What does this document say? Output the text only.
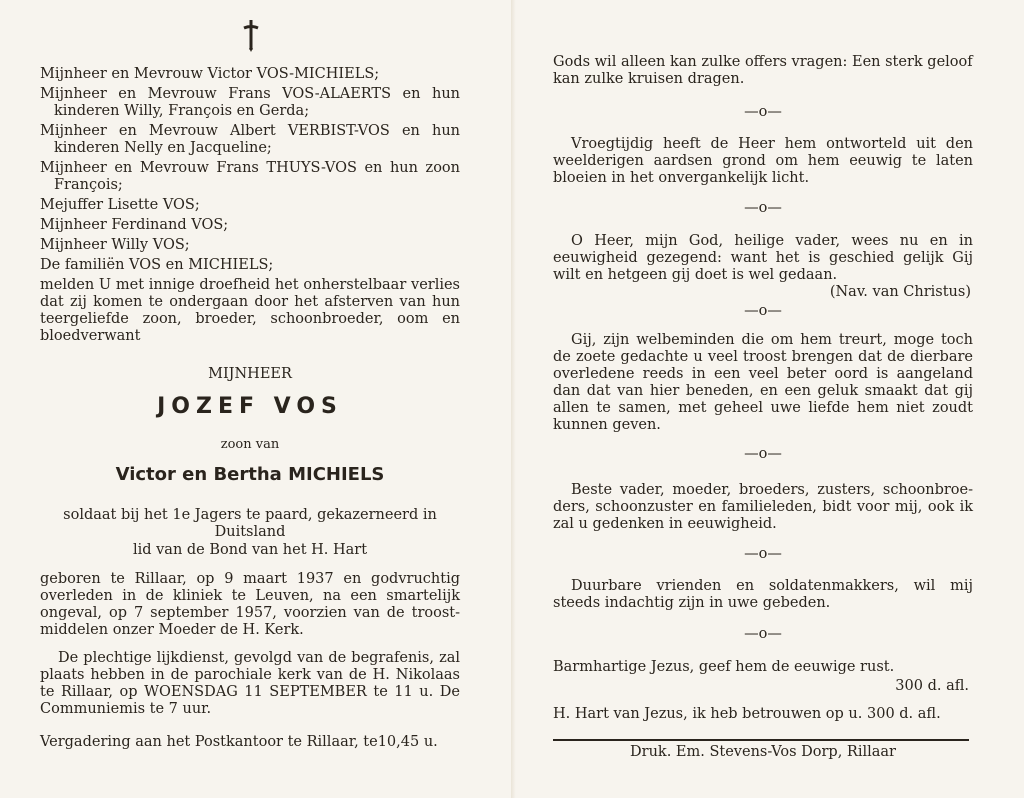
Mijnheer en Mevrouw Victor VOS-MICHIELS;

Mijnheer en Mevrouw Frans VOS-ALAERTS en hun kinderen Willy, François en Gerda;

Mijnheer en Mevrouw Albert VERBIST-VOS en hun kinderen Nelly en Jacqueline;

Mijnheer en Mevrouw Frans THUYS-VOS en hun zoon François;

Mejuffer Lisette VOS;

Mijnheer Ferdinand VOS;

Mijnheer Willy VOS;

De familiën VOS en MICHIELS;

melden U met innige droefheid het onherstelbaar verlies dat zij komen te ondergaan door het afsterven van hun teergeliefde zoon, broeder, schoonbroeder, oom en bloedverwant

MIJNHEER

JOZEF VOS

zoon van

Victor en Bertha MICHIELS

soldaat bij het 1e Jagers te paard, gekazerneerd in Duitsland

lid van de Bond van het H. Hart

geboren te Rillaar, op 9 maart 1937 en godvruchtig overleden in de kliniek te Leuven, na een smartelijk ongeval, op 7 september 1957, voorzien van de troost-middelen onzer Moeder de H. Kerk.

De plechtige lijkdienst, gevolgd van de begrafenis, zal plaats hebben in de parochiale kerk van de H. Nikolaas te Rillaar, op WOENSDAG 11 SEPTEMBER te 11 u. De Communiemis te 7 uur.

Vergadering aan het Postkantoor te Rillaar, te10,45 u.

Gods wil alleen kan zulke offers vragen: Een sterk geloof kan zulke kruisen dragen.

—o—

Vroegtijdig heeft de Heer hem ontworteld uit den weelderigen aardsen grond om hem eeuwig te laten bloeien in het onvergankelijk licht.

—o—

O Heer, mijn God, heilige vader, wees nu en in eeuwigheid gezegend: want het is geschied gelijk Gij wilt en hetgeen gij doet is wel gedaan.

(Nav. van Christus)

—o—

Gij, zijn welbeminden die om hem treurt, moge toch de zoete gedachte u veel troost brengen dat de dierbare overledene reeds in een veel beter oord is aangeland dan dat van hier beneden, en een geluk smaakt dat gij allen te samen, met geheel uwe liefde hem niet zoudt kunnen geven.

—o—

Beste vader, moeder, broeders, zusters, schoonbroe-ders, schoonzuster en familieleden, bidt voor mij, ook ik zal u gedenken in eeuwigheid.

—o—

Duurbare vrienden en soldatenmakkers, wil mij steeds indachtig zijn in uwe gebeden.

—o—

Barmhartige Jezus, geef hem de eeuwige rust.

300 d. afl.

H. Hart van Jezus, ik heb betrouwen op u. 300 d. afl.

Druk. Em. Stevens-Vos Dorp, Rillaar
